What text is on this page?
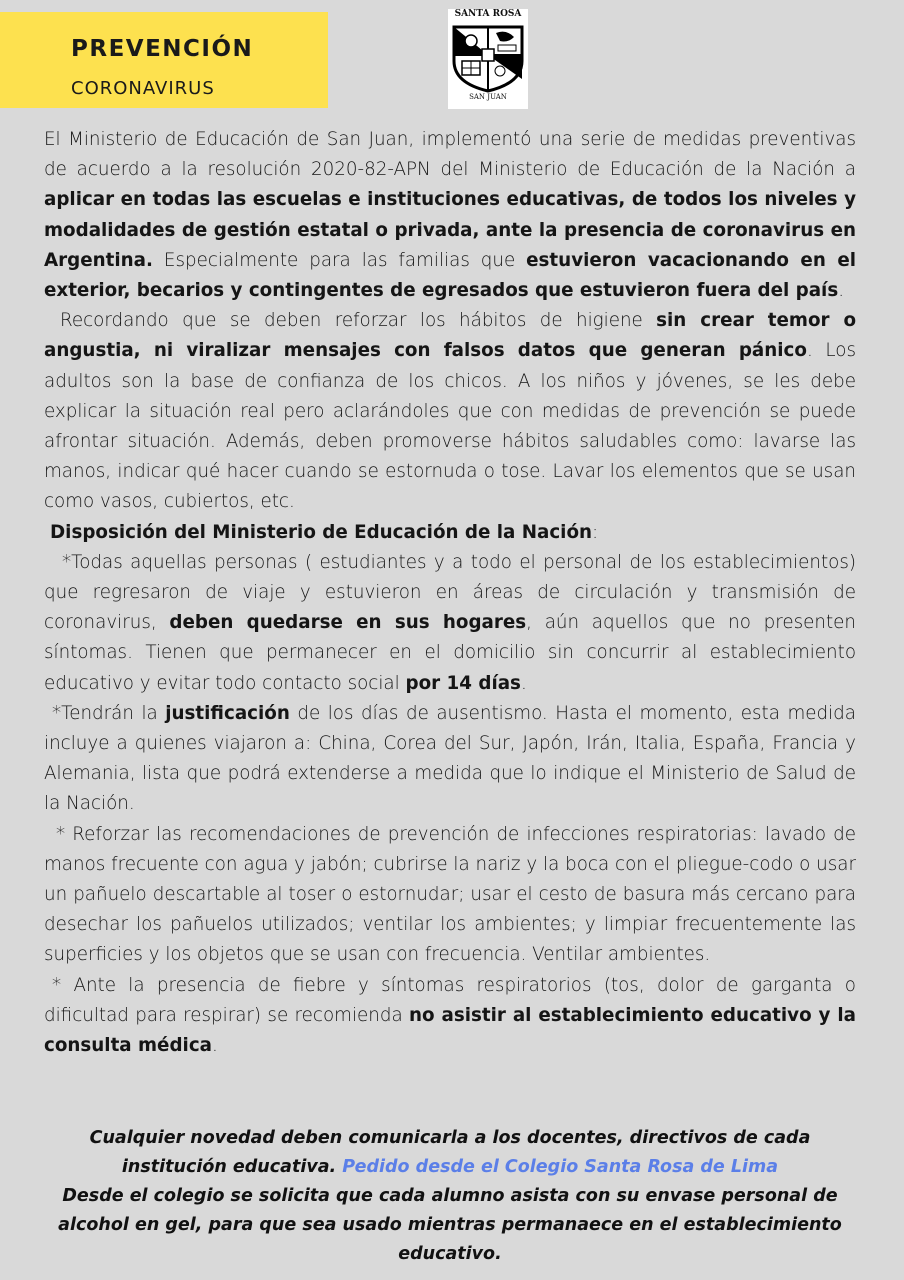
PREVENCIÓN
CORONAVIRUS
SANTA ROSA
SAN JUAN

El Ministerio de Educación de San Juan, implementó una serie de medidas preventivas de acuerdo a la resolución 2020-82-APN del Ministerio de Educación de la Nación a aplicar en todas las escuelas e instituciones educativas, de todos los niveles y modalidades de gestión estatal o privada, ante la presencia de coronavirus en Argentina. Especialmente para las familias que estuvieron vacacionando en el exterior, becarios y contingentes de egresados que estuvieron fuera del país.

Recordando que se deben reforzar los hábitos de higiene sin crear temor o angustia, ni viralizar mensajes con falsos datos que generan pánico. Los adultos son la base de confianza de los chicos. A los niños y jóvenes, se les debe explicar la situación real pero aclarándoles que con medidas de prevención se puede afrontar situación. Además, deben promoverse hábitos saludables como: lavarse las manos, indicar qué hacer cuando se estornuda o tose. Lavar los elementos que se usan como vasos, cubiertos, etc.

Disposición del Ministerio de Educación de la Nación:

*Todas aquellas personas ( estudiantes y a todo el personal de los establecimientos) que regresaron de viaje y estuvieron en áreas de circulación y transmisión de coronavirus, deben quedarse en sus hogares, aún aquellos que no presenten síntomas. Tienen que permanecer en el domicilio sin concurrir al establecimiento educativo y evitar todo contacto social por 14 días.

*Tendrán la justificación de los días de ausentismo. Hasta el momento, esta medida incluye a quienes viajaron a: China, Corea del Sur, Japón, Irán, Italia, España, Francia y Alemania, lista que podrá extenderse a medida que lo indique el Ministerio de Salud de la Nación.

* Reforzar las recomendaciones de prevención de infecciones respiratorias: lavado de manos frecuente con agua y jabón; cubrirse la nariz y la boca con el pliegue-codo o usar un pañuelo descartable al toser o estornudar; usar el cesto de basura más cercano para desechar los pañuelos utilizados; ventilar los ambientes; y limpiar frecuentemente las superficies y los objetos que se usan con frecuencia. Ventilar ambientes.

* Ante la presencia de fiebre y síntomas respiratorios (tos, dolor de garganta o dificultad para respirar) se recomienda no asistir al establecimiento educativo y la consulta médica.

Cualquier novedad deben comunicarla a los docentes, directivos de cada institución educativa. Pedido desde el Colegio Santa Rosa de Lima

Desde el colegio se solicita que cada alumno asista con su envase personal de alcohol en gel, para que sea usado mientras permanaece en el establecimiento educativo.
